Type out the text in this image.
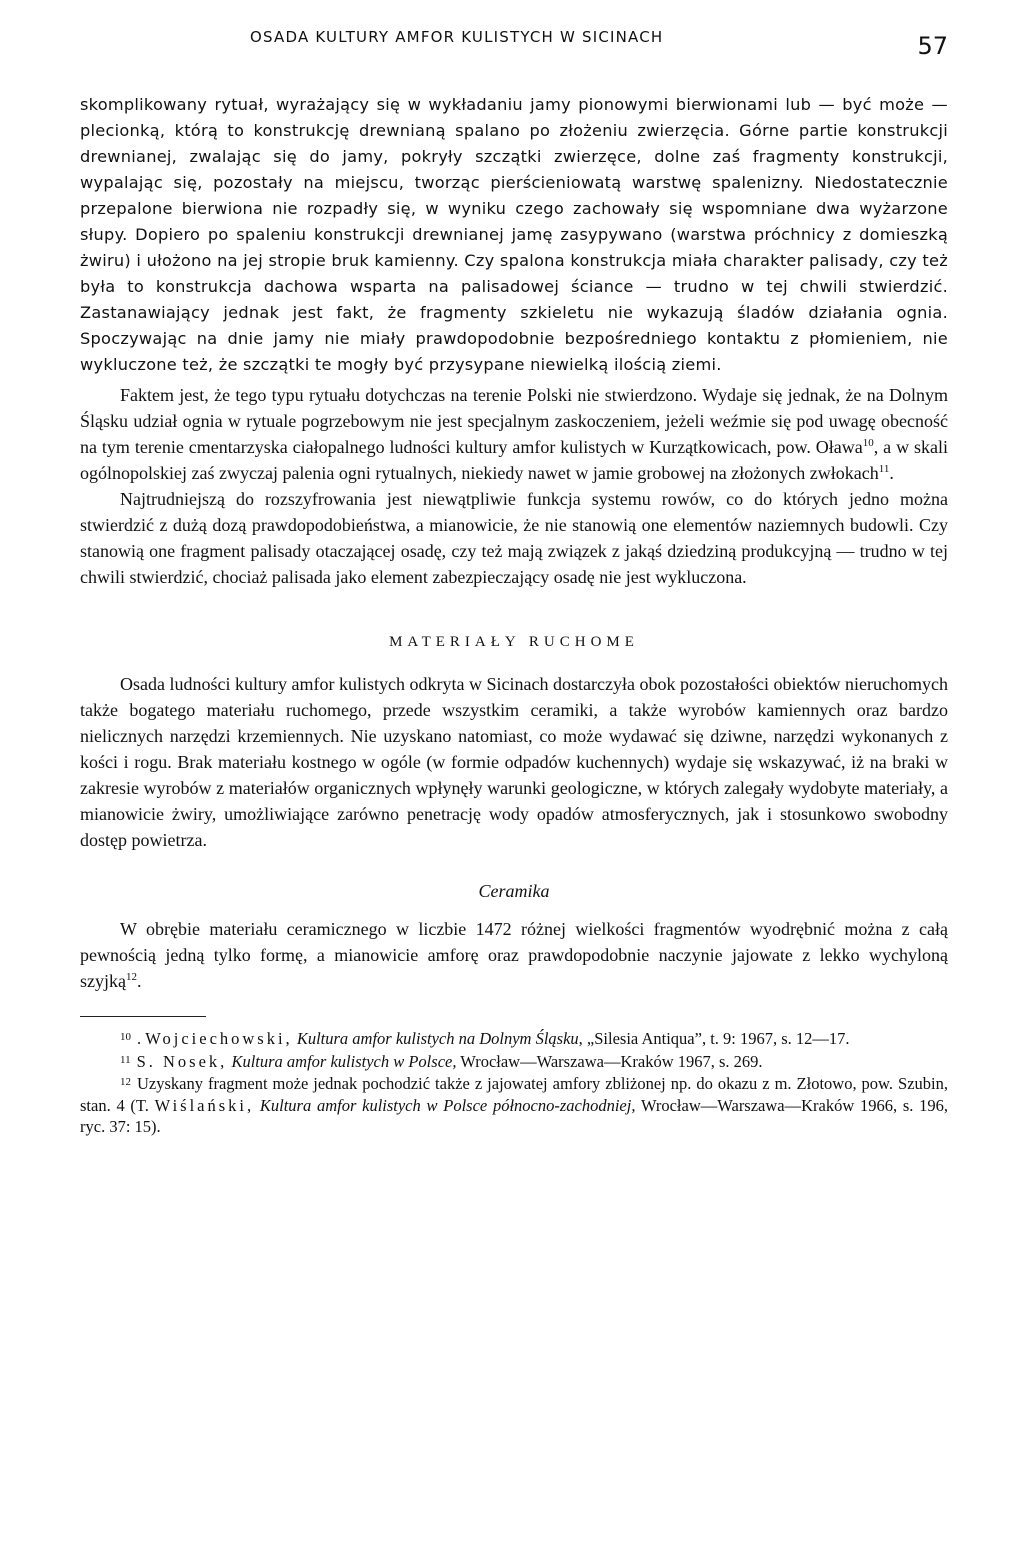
OSADA KULTURY AMFOR KULISTYCH W SICINACH	57

skomplikowany rytuał, wyrażający się w wykładaniu jamy pionowymi bierwionami lub — być może — plecionką, którą to konstrukcję drewnianą spalano po złożeniu zwierzęcia. Górne partie konstrukcji drewnianej, zwalając się do jamy, pokryły szczątki zwierzęce, dolne zaś fragmenty konstrukcji, wypalając się, pozostały na miejscu, tworząc pierścieniowatą warstwę spalenizny. Niedostatecznie przepalone bierwiona nie rozpadły się, w wyniku czego zachowały się wspomniane dwa wyżarzone słupy. Dopiero po spaleniu konstrukcji drewnianej jamę zasypywano (warstwa próchnicy z domieszką żwiru) i ułożono na jej stropie bruk kamienny. Czy spalona konstrukcja miała charakter palisady, czy też była to konstrukcja dachowa wsparta na palisadowej ściance — trudno w tej chwili stwierdzić. Zastanawiający jednak jest fakt, że fragmenty szkieletu nie wykazują śladów działania ognia. Spoczywając na dnie jamy nie miały prawdopodobnie bezpośredniego kontaktu z płomieniem, nie wykluczone też, że szczątki te mogły być przysypane niewielką ilością ziemi.

Faktem jest, że tego typu rytuału dotychczas na terenie Polski nie stwierdzono. Wydaje się jednak, że na Dolnym Śląsku udział ognia w rytuale pogrzebowym nie jest specjalnym zaskoczeniem, jeżeli weźmie się pod uwagę obecność na tym terenie cmentarzyska ciałopalnego ludności kultury amfor kulistych w Kurzątkowicach, pow. Oława$^{10}$, a w skali ogólnopolskiej zaś zwyczaj palenia ogni rytualnych, niekiedy nawet w jamie grobowej na złożonych zwłokach$^{11}$.

Najtrudniejszą do rozszyfrowania jest niewątpliwie funkcja systemu rowów, co do których jedno można stwierdzić z dużą dozą prawdopodobieństwa, a mianowicie, że nie stanowią one elementów naziemnych budowli. Czy stanowią one fragment palisady otaczającej osadę, czy też mają związek z jakąś dziedziną produkcyjną — trudno w tej chwili stwierdzić, chociaż palisada jako element zabezpieczający osadę nie jest wykluczona.

MATERIAŁY RUCHOME

Osada ludności kultury amfor kulistych odkryta w Sicinach dostarczyła obok pozostałości obiektów nieruchomych także bogatego materiału ruchomego, przede wszystkim ceramiki, a także wyrobów kamiennych oraz bardzo nielicznych narzędzi krzemiennych. Nie uzyskano natomiast, co może wydawać się dziwne, narzędzi wykonanych z kości i rogu. Brak materiału kostnego w ogóle (w formie odpadów kuchennych) wydaje się wskazywać, iż na braki w zakresie wyrobów z materiałów organicznych wpłynęły warunki geologiczne, w których zalegały wydobyte materiały, a mianowicie żwiry, umożliwiające zarówno penetrację wody opadów atmosferycznych, jak i stosunkowo swobodny dostęp powietrza.

Ceramika

W obrębie materiału ceramicznego w liczbie 1472 różnej wielkości fragmentów wyodrębnić można z całą pewnością jedną tylko formę, a mianowicie amforę oraz prawdopodobnie naczynie jajowate z lekko wychyloną szyjką$^{12}$.

$^{10}$ . Wojciechowski, Kultura amfor kulistych na Dolnym Śląsku, „Silesia Antiqua”, t. 9: 1967, s. 12—17.

$^{11}$ S. Nosek, Kultura amfor kulistych w Polsce, Wrocław—Warszawa—Kraków 1967, s. 269.

$^{12}$ Uzyskany fragment może jednak pochodzić także z jajowatej amfory zbliżonej np. do okazu z m. Złotowo, pow. Szubin, stan. 4 (T. Wiślański, Kultura amfor kulistych w Polsce północno-zachodniej, Wrocław—Warszawa—Kraków 1966, s. 196, ryc. 37: 15).
